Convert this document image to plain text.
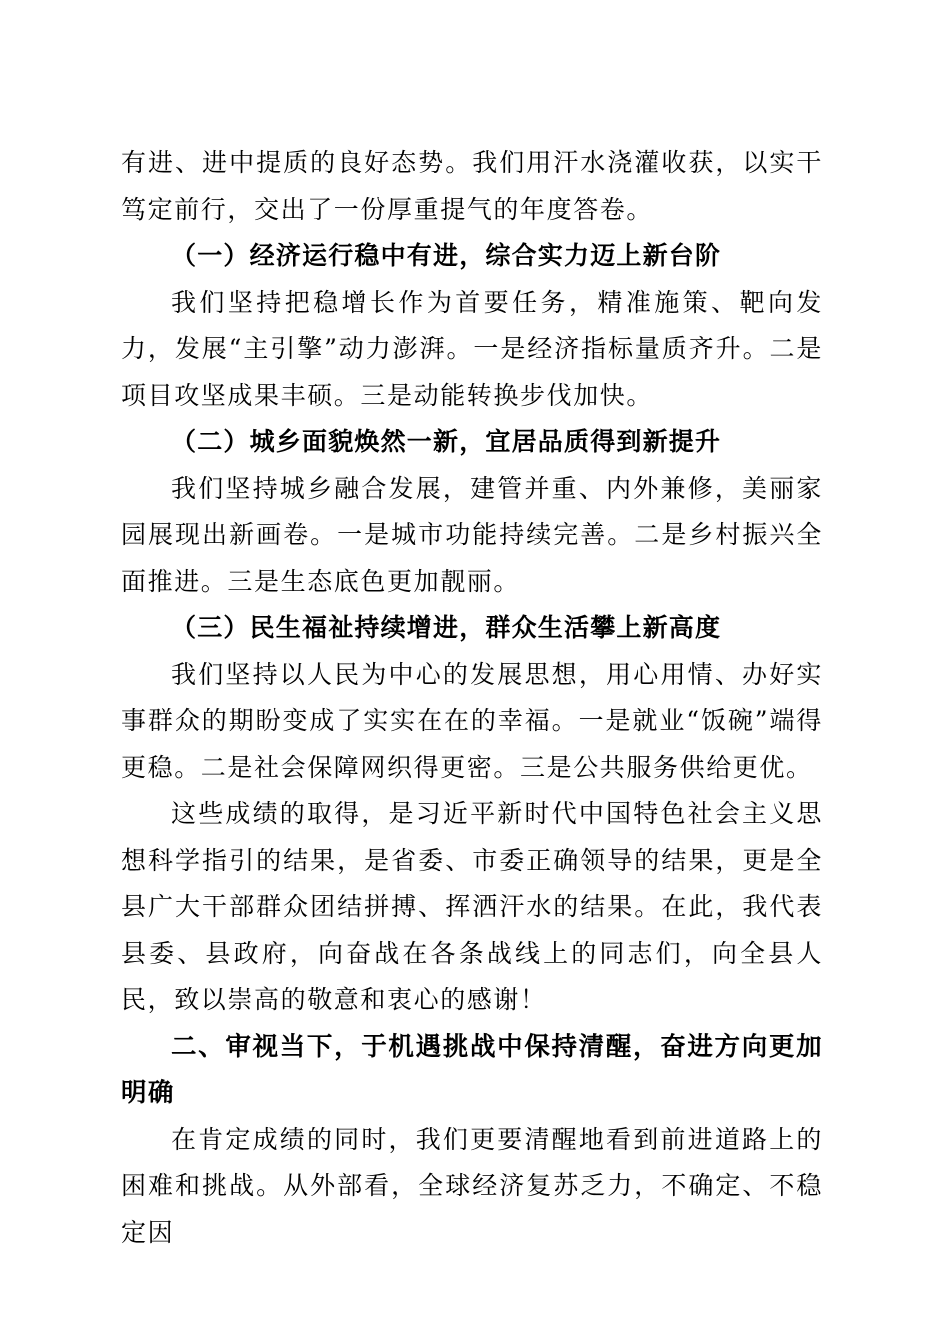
有进、进中提质的良好态势。我们用汗水浇灌收获，以实干笃定前行，交出了一份厚重提气的年度答卷。

（一）经济运行稳中有进，综合实力迈上新台阶

我们坚持把稳增长作为首要任务，精准施策、靶向发力，发展“主引擎”动力澎湃。一是经济指标量质齐升。二是项目攻坚成果丰硕。三是动能转换步伐加快。

（二）城乡面貌焕然一新，宜居品质得到新提升

我们坚持城乡融合发展，建管并重、内外兼修，美丽家园展现出新画卷。一是城市功能持续完善。二是乡村振兴全面推进。三是生态底色更加靓丽。

（三）民生福祉持续增进，群众生活攀上新高度

我们坚持以人民为中心的发展思想，用心用情、办好实事群众的期盼变成了实实在在的幸福。一是就业“饭碗”端得更稳。二是社会保障网织得更密。三是公共服务供给更优。

这些成绩的取得，是习近平新时代中国特色社会主义思想科学指引的结果，是省委、市委正确领导的结果，更是全县广大干部群众团结拼搏、挥洒汗水的结果。在此，我代表县委、县政府，向奋战在各条战线上的同志们，向全县人民，致以崇高的敬意和衷心的感谢！

二、审视当下，于机遇挑战中保持清醒，奋进方向更加明确

在肯定成绩的同时，我们更要清醒地看到前进道路上的困难和挑战。从外部看，全球经济复苏乏力，不确定、不稳定因
